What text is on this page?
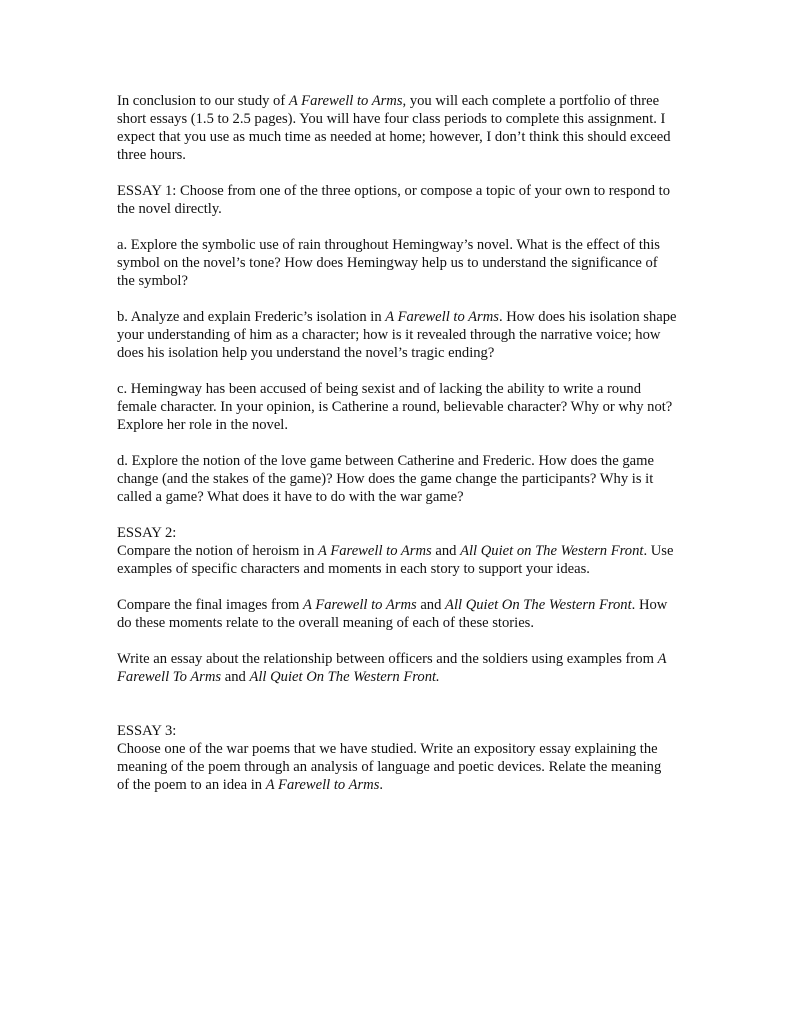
In conclusion to our study of A Farewell to Arms, you will each complete a portfolio of three short essays (1.5 to 2.5 pages). You will have four class periods to complete this assignment. I expect that you use as much time as needed at home; however, I don’t think this should exceed three hours.

ESSAY 1: Choose from one of the three options, or compose a topic of your own to respond to the novel directly.

a. Explore the symbolic use of rain throughout Hemingway’s novel. What is the effect of this symbol on the novel’s tone? How does Hemingway help us to understand the significance of the symbol?

b. Analyze and explain Frederic’s isolation in A Farewell to Arms. How does his isolation shape your understanding of him as a character; how is it revealed through the narrative voice; how does his isolation help you understand the novel’s tragic ending?

c. Hemingway has been accused of being sexist and of lacking the ability to write a round female character. In your opinion, is Catherine a round, believable character? Why or why not? Explore her role in the novel.

d. Explore the notion of the love game between Catherine and Frederic. How does the game change (and the stakes of the game)? How does the game change the participants? Why is it called a game? What does it have to do with the war game?

ESSAY 2:

Compare the notion of heroism in A Farewell to Arms and All Quiet on The Western Front. Use examples of specific characters and moments in each story to support your ideas.

Compare the final images from A Farewell to Arms and All Quiet On The Western Front. How do these moments relate to the overall meaning of each of these stories.

Write an essay about the relationship between officers and the soldiers using examples from A Farewell To Arms and All Quiet On The Western Front.

ESSAY 3:

Choose one of the war poems that we have studied. Write an expository essay explaining the meaning of the poem through an analysis of language and poetic devices. Relate the meaning of the poem to an idea in A Farewell to Arms.
